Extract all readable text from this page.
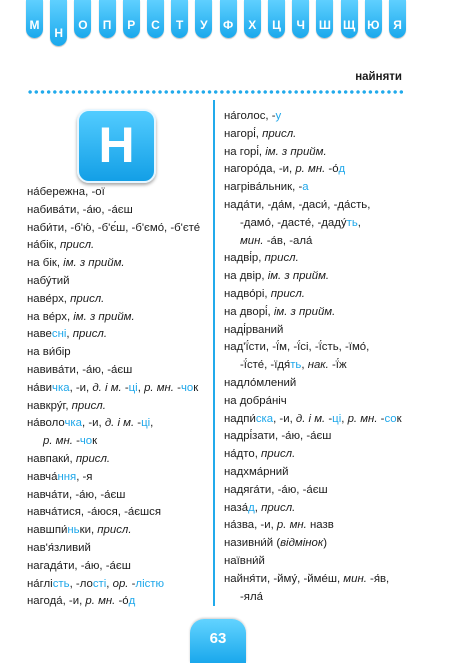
М
Н
О	П	Р	С	Т	У	Ф	Х	Ц	Ч	Ш Щ Ю	Я
найняти
Н
на́бережна, -ої
набива́ти, -а́ю, -а́єш
наби́ти, -б'ю́, -б'є́ш, -б'ємо́, -б'єте́
на́бік, присл.
на бік, ім. з прийм.
набу́тий
наве́рх, присл.
на ве́рх, ім. з прийм.
навесні, присл.
на ви́бір
навива́ти, -а́ю, -а́єш
на́вичка, -и, д. і м. -ці, р. мн. -чок
навкру́г, присл.
на́волочка, -и, д. і м. -ці,
р. мн. -чок
навпаки́, присл.
навча́ння, -я
навча́ти, -а́ю, -а́єш
навча́тися, -а́юся, -а́єшся
навшпи́ньки, присл.
нав'я́зливий
нагада́ти, -а́ю, -а́єш
на́глість, -лості, ор. -лістю
нагода́, -и, р. мн. -о́д
на́голос, -у
нагорі́, присл.
на горі́, ім. з прийм.
нагоро́да, -и, р. мн. -о́д
нагріва́льник, -а
нада́ти, -да́м, -даси́, -да́сть,
-дамо́, -дасте́, -даду́ть,
мин. -а́в, -ала́
надві́р, присл.
на двір, ім. з прийм.
надво́рі, присл.
на дворі́, ім. з прийм.
наді́рваний
над'ї́сти, -ї́м, -ї́сі, -ї́сть, -їмо́,
-ї́сте́, -їдя́ть, нак. -ї́ж
надло́млений
на добра́ніч
надпи́ска, -и, д. і м. -ці, р. мн. -сок
надрі́зати, -а́ю, -а́єш
на́дто, присл.
надхма́рний
надяга́ти, -а́ю, -а́єш
наза́д, присл.
на́зва, -и, р. мн. назв
називни́й (відмінок)
наївни́й
найня́ти, -йму́, -йме́ш, мин. -я́в,
-яла́
63
